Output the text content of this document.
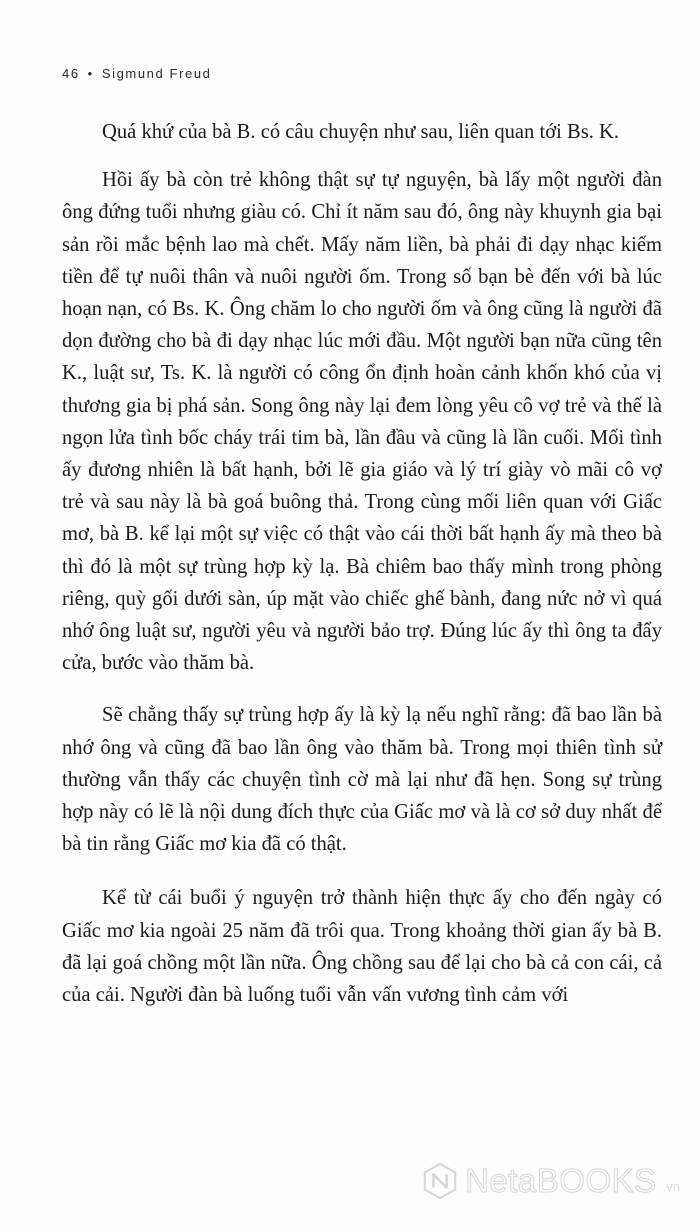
46 • Sigmund Freud

Quá khứ của bà B. có câu chuyện như sau, liên quan tới Bs. K.

Hồi ấy bà còn trẻ không thật sự tự nguyện, bà lấy một người đàn ông đứng tuổi nhưng giàu có. Chỉ ít năm sau đó, ông này khuynh gia bại sản rồi mắc bệnh lao mà chết. Mấy năm liền, bà phải đi dạy nhạc kiếm tiền để tự nuôi thân và nuôi người ốm. Trong số bạn bè đến với bà lúc hoạn nạn, có Bs. K. Ông chăm lo cho người ốm và ông cũng là người đã dọn đường cho bà đi dạy nhạc lúc mới đầu. Một người bạn nữa cũng tên K., luật sư, Ts. K. là người có công ổn định hoàn cảnh khốn khó của vị thương gia bị phá sản. Song ông này lại đem lòng yêu cô vợ trẻ và thế là ngọn lửa tình bốc cháy trái tim bà, lần đầu và cũng là lần cuối. Mối tình ấy đương nhiên là bất hạnh, bởi lẽ gia giáo và lý trí giày vò mãi cô vợ trẻ và sau này là bà goá buông thả. Trong cùng mối liên quan với Giấc mơ, bà B. kể lại một sự việc có thật vào cái thời bất hạnh ấy mà theo bà thì đó là một sự trùng hợp kỳ lạ. Bà chiêm bao thấy mình trong phòng riêng, quỳ gối dưới sàn, úp mặt vào chiếc ghế bành, đang nức nở vì quá nhớ ông luật sư, người yêu và người bảo trợ. Đúng lúc ấy thì ông ta đẩy cửa, bước vào thăm bà.

Sẽ chẳng thấy sự trùng hợp ấy là kỳ lạ nếu nghĩ rằng: đã bao lần bà nhớ ông và cũng đã bao lần ông vào thăm bà. Trong mọi thiên tình sử thường vẫn thấy các chuyện tình cờ mà lại như đã hẹn. Song sự trùng hợp này có lẽ là nội dung đích thực của Giấc mơ và là cơ sở duy nhất để bà tin rằng Giấc mơ kia đã có thật.

Kể từ cái buổi ý nguyện trở thành hiện thực ấy cho đến ngày có Giấc mơ kia ngoài 25 năm đã trôi qua. Trong khoảng thời gian ấy bà B. đã lại goá chồng một lần nữa. Ông chồng sau để lại cho bà cả con cái, cả của cải. Người đàn bà luống tuổi vẫn vấn vương tình cảm với

NetaBOOKS .vn
